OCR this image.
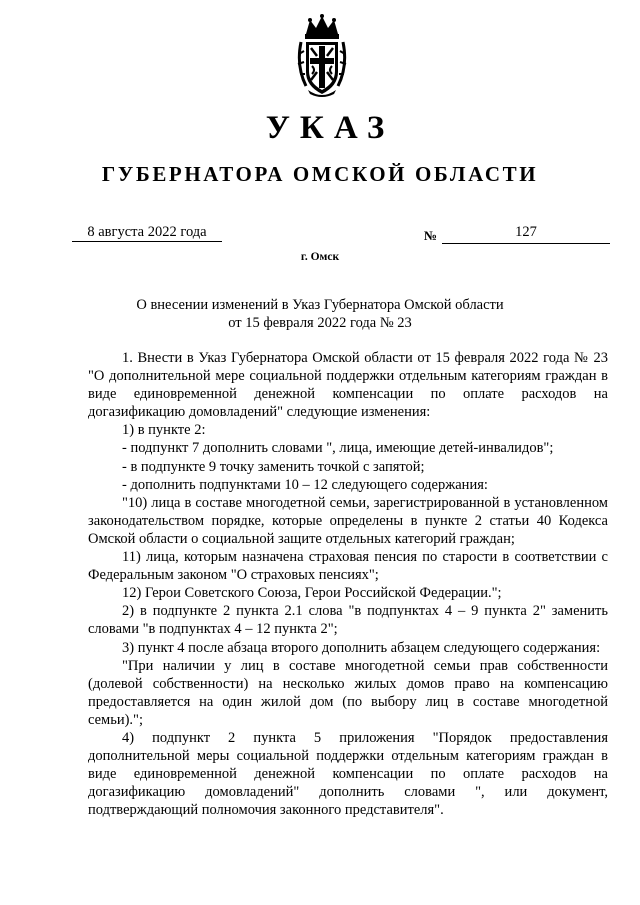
УКАЗ
ГУБЕРНАТОРА ОМСКОЙ ОБЛАСТИ
8 августа 2022 года	№	127
г. Омск
О внесении изменений в Указ Губернатора Омской области
от 15 февраля 2022 года № 23

1. Внести в Указ Губернатора Омской области от 15 февраля 2022 года № 23 "О дополнительной мере социальной поддержки отдельным категориям граждан в виде единовременной денежной компенсации по оплате расходов на догазификацию домовладений" следующие изменения:

1) в пункте 2:

- подпункт 7 дополнить словами ", лица, имеющие детей-инвалидов";

- в подпункте 9 точку заменить точкой с запятой;

- дополнить подпунктами 10 – 12 следующего содержания:

"10) лица в составе многодетной семьи, зарегистрированной в установленном законодательством порядке, которые определены в пункте 2 статьи 40 Кодекса Омской области о социальной защите отдельных категорий граждан;

11) лица, которым назначена страховая пенсия по старости в соответствии с Федеральным законом "О страховых пенсиях";

12) Герои Советского Союза, Герои Российской Федерации.";

2) в подпункте 2 пункта 2.1 слова "в подпунктах 4 – 9 пункта 2" заменить словами "в подпунктах 4 – 12 пункта 2";

3) пункт 4 после абзаца второго дополнить абзацем следующего содержания:

"При наличии у лиц в составе многодетной семьи прав собственности (долевой собственности) на несколько жилых домов право на компенсацию предоставляется на один жилой дом (по выбору лиц в составе многодетной семьи).";

4) подпункт 2 пункта 5 приложения "Порядок предоставления дополнительной меры социальной поддержки отдельным категориям граждан в виде единовременной денежной компенсации по оплате расходов на догазификацию домовладений" дополнить словами ", или документ, подтверждающий полномочия законного представителя".
